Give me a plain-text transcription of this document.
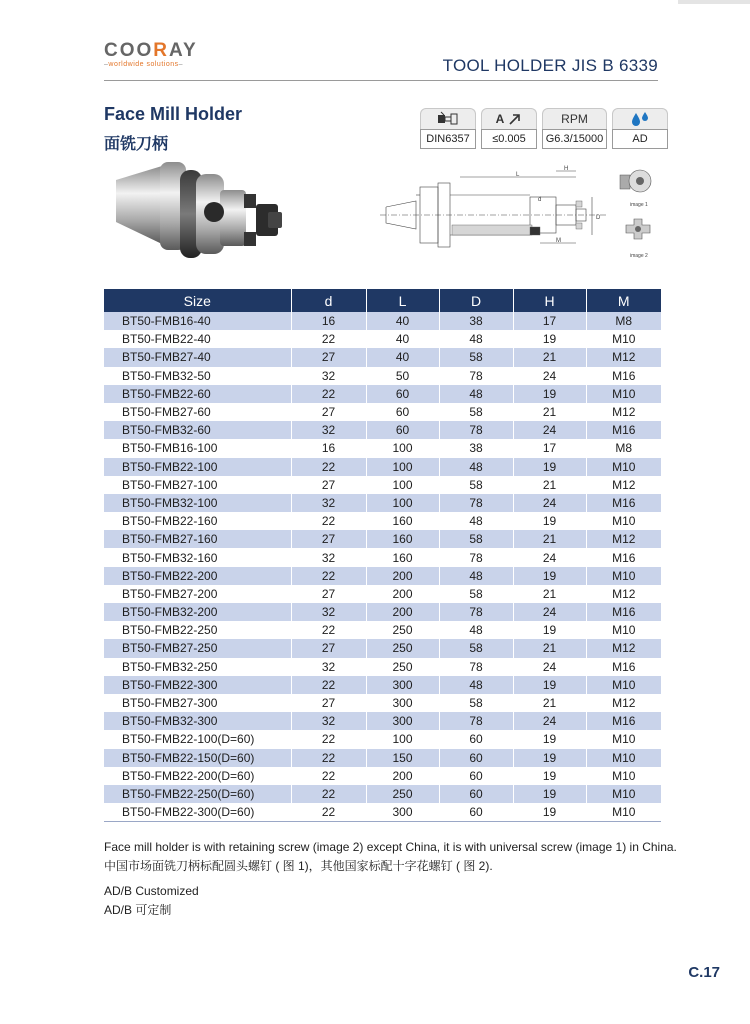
COORAY
–worldwide solutions–	TOOL HOLDER JIS B 6339
Face Mill Holder
面铣刀柄	DIN6357
A
≤0.005
RPM
G6.3/15000	AD
L
H
d
D
M
image 1
image 2
Size	d	L	D	H	M
BT50-FMB16-40	16	40	38	17	M8
BT50-FMB22-40	22	40	48	19	M10
BT50-FMB27-40	27	40	58	21	M12
BT50-FMB32-50	32	50	78	24	M16
BT50-FMB22-60	22	60	48	19	M10
BT50-FMB27-60	27	60	58	21	M12
BT50-FMB32-60	32	60	78	24	M16
BT50-FMB16-100	16	100	38	17	M8
BT50-FMB22-100	22	100	48	19	M10
BT50-FMB27-100	27	100	58	21	M12
BT50-FMB32-100	32	100	78	24	M16
BT50-FMB22-160	22	160	48	19	M10
BT50-FMB27-160	27	160	58	21	M12
BT50-FMB32-160	32	160	78	24	M16
BT50-FMB22-200	22	200	48	19	M10
BT50-FMB27-200	27	200	58	21	M12
BT50-FMB32-200	32	200	78	24	M16
BT50-FMB22-250	22	250	48	19	M10
BT50-FMB27-250	27	250	58	21	M12
BT50-FMB32-250	32	250	78	24	M16
BT50-FMB22-300	22	300	48	19	M10
BT50-FMB27-300	27	300	58	21	M12
BT50-FMB32-300	32	300	78	24	M16
BT50-FMB22-100(D=60)	22	100	60	19	M10
BT50-FMB22-150(D=60)	22	150	60	19	M10
BT50-FMB22-200(D=60)	22	200	60	19	M10
BT50-FMB22-250(D=60)	22	250	60	19	M10
BT50-FMB22-300(D=60)	22	300	60	19	M10
Face mill holder is with retaining screw (image 2) except China, it is with universal screw (image 1) in China.
中国市场面铣刀柄标配圆头螺钉 ( 图 1)，其他国家标配十字花螺钉 ( 图 2).
AD/B Customized
AD/B 可定制
C.17
